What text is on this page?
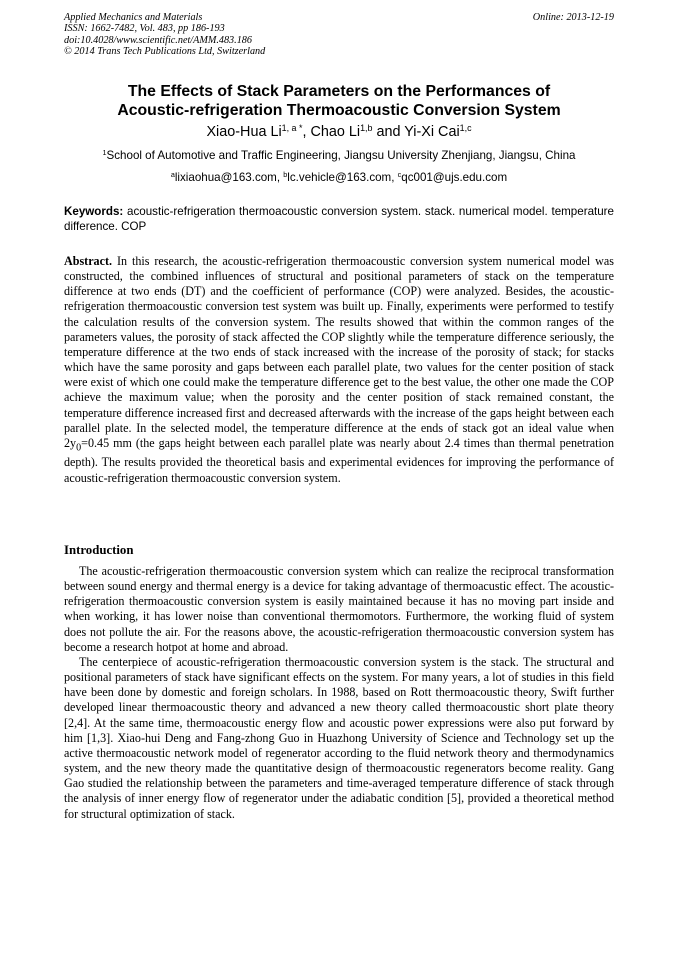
Applied Mechanics and Materials
ISSN: 1662-7482, Vol. 483, pp 186-193
doi:10.4028/www.scientific.net/AMM.483.186
© 2014 Trans Tech Publications Ltd, Switzerland
Online: 2013-12-19
The Effects of Stack Parameters on the Performances of
Acoustic-refrigeration Thermoacoustic Conversion System
Xiao-Hua $Li^{1, a *}$, Chao Li$^{1,b}$ and Yi-Xi Cai$^{1,c}$
$^1$School of Automotive and Traffic Engineering, Jiangsu University Zhenjiang, Jiangsu, China
$^a$lixiaohua@163.com, $^b$lc.vehicle@163.com, $^c$qc001@ujs.edu.com
Keywords: acoustic-refrigeration thermoacoustic conversion system. stack. numerical model. temperature difference. COP
Abstract. In this research, the acoustic-refrigeration thermoacoustic conversion system numerical model was constructed, the combined influences of structural and positional parameters of stack on the temperature difference at two ends (DT) and the coefficient of performance (COP) were analyzed. Besides, the acoustic-refrigeration thermoacoustic conversion test system was built up. Finally, experiments were performed to testify the calculation results of the conversion system. The results showed that within the common ranges of the parameters values, the porosity of stack affected the COP slightly while the temperature difference seriously, the temperature difference at the two ends of stack increased with the increase of the porosity of stack; for stacks which have the same porosity and gaps between each parallel plate, two values for the center position of stack were exist of which one could make the temperature difference get to the best value, the other one made the COP achieve the maximum value; when the porosity and the center position of stack remained constant, the temperature difference increased first and decreased afterwards with the increase of the gaps height between each parallel plate. In the selected model, the temperature difference at the ends of stack got an ideal value when $2y_0=0.45$ mm (the gaps height between each parallel plate was nearly about 2.4 times than thermal penetration depth). The results provided the theoretical basis and experimental evidences for improving the performance of acoustic-refrigeration thermoacoustic conversion system.
Introduction

The acoustic-refrigeration thermoacoustic conversion system which can realize the reciprocal transformation between sound energy and thermal energy is a device for taking advantage of thermoacustic effect. The acoustic-refrigeration thermoacoustic conversion system is easily maintained because it has no moving part inside and when working, it has lower noise than conventional thermomotors. Furthermore, the working fluid of system does not pollute the air. For the reasons above, the acoustic-refrigeration thermoacoustic conversion system has become a research hotpot at home and abroad.

The centerpiece of acoustic-refrigeration thermoacoustic conversion system is the stack. The structural and positional parameters of stack have significant effects on the system. For many years, a lot of studies in this field have been done by domestic and foreign scholars. In 1988, based on Rott thermoacoustic theory, Swift further developed linear thermoacoustic theory and advanced a new theory called thermoacoustic short plate theory [2,4]. At the same time, thermoacoustic energy flow and acoustic power expressions were also put forward by him [1,3]. Xiao-hui Deng and Fang-zhong Guo in Huazhong University of Science and Technology set up the active thermoacoustic network model of regenerator according to the fluid network theory and thermodynamics system, and the new theory made the quantitative design of thermoacoustic regenerators become reality. Gang Gao studied the relationship between the parameters and time-averaged temperature difference of stack through the analysis of inner energy flow of regenerator under the adiabatic condition [5], provided a theoretical method for structural optimization of stack.
